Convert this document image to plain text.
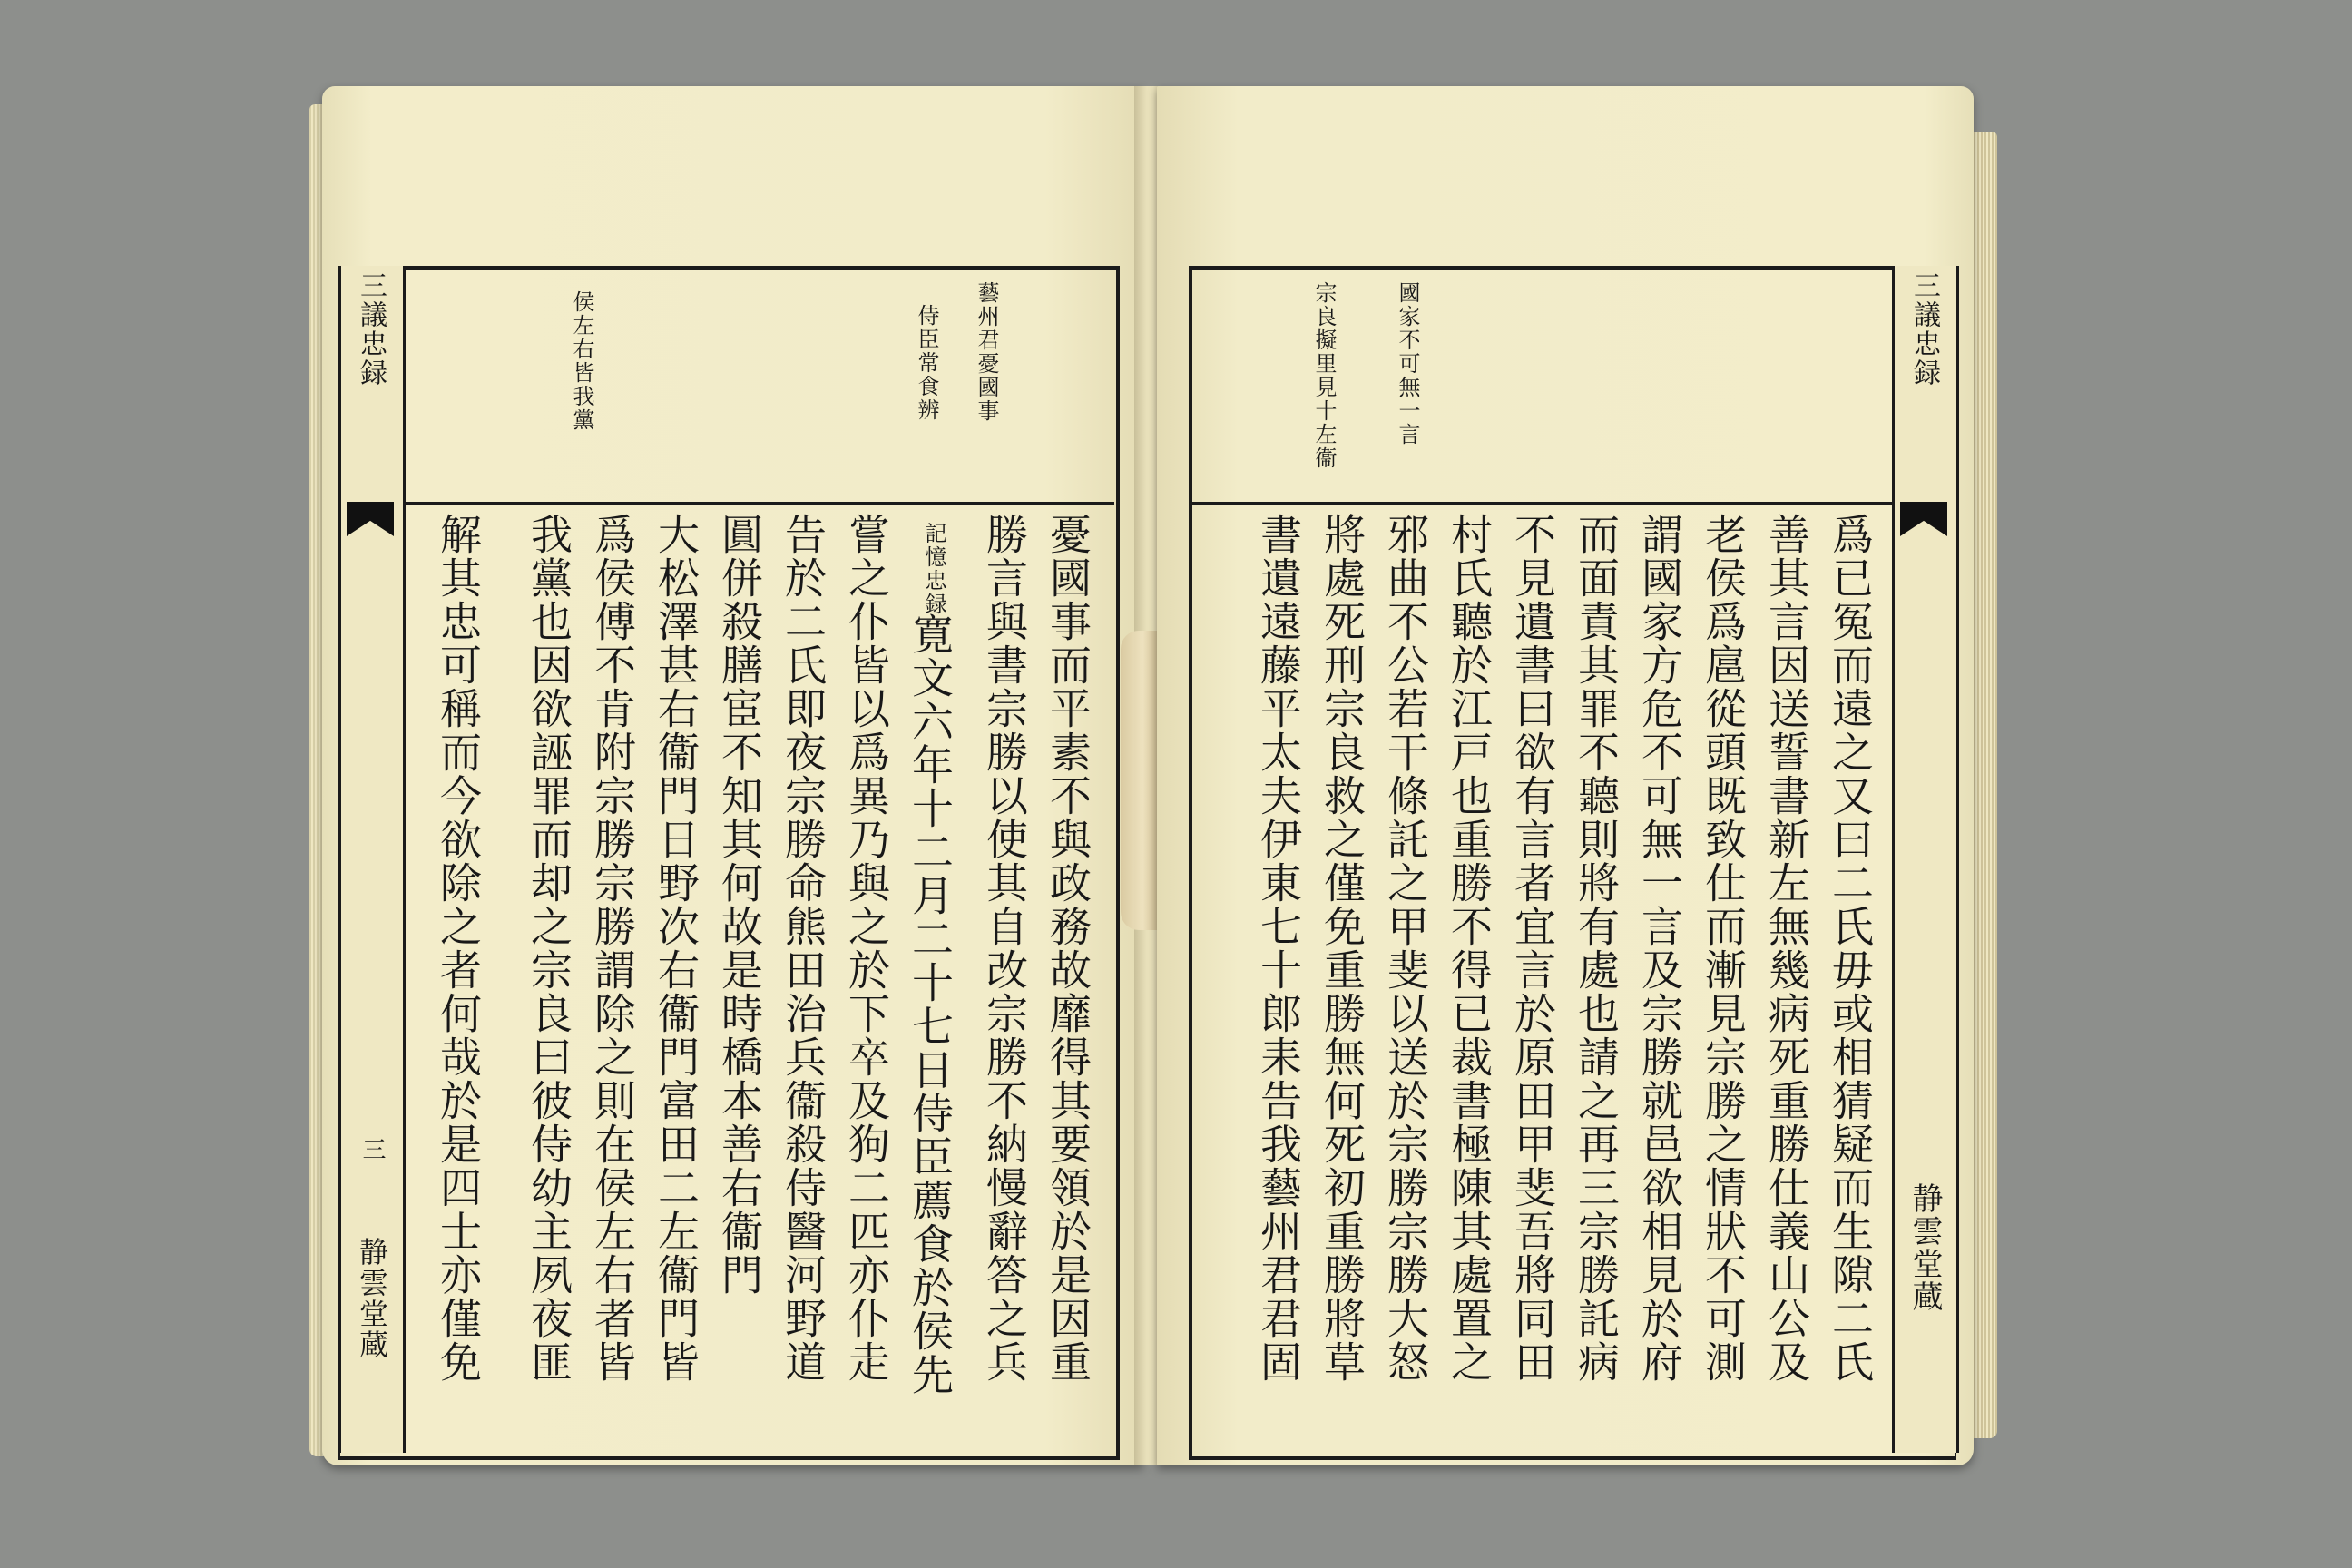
三議忠録
三
静雲堂蔵
藝州君憂國事
侍臣常食辨
侯左右皆我黨
憂國事而平素不與政務故靡得其要領於是因重
勝言與書宗勝以使其自改宗勝不納慢辭答之兵
記憶忠録
寛文六年十二月二十七日侍臣薦食於侯先
嘗之仆皆以爲異乃與之於下卒及狗二匹亦仆走
告於二氏即夜宗勝命熊田治兵衞殺侍醫河野道
圓併殺膳宦不知其何故是時橋本善右衞門
大松澤甚右衞門日野次右衞門富田二左衞門皆
爲侯傅不肯附宗勝宗勝謂除之則在侯左右者皆
我黨也因欲誣罪而却之宗良曰彼侍幼主夙夜匪
解其忠可稱而今欲除之者何哉於是四士亦僅免
三議忠録
静雲堂蔵
國家不可無一言
宗良擬里見十左衞
爲已冤而遠之又曰二氏毋或相猜疑而生隙二氏
善其言因送誓書新左無幾病死重勝仕義山公及
老侯爲扈從頭既致仕而漸見宗勝之情狀不可測
謂國家方危不可無一言及宗勝就邑欲相見於府
而面責其罪不聽則將有處也請之再三宗勝託病
不見遺書曰欲有言者宜言於原田甲斐吾將同田
村氏聽於江戸也重勝不得已裁書極陳其處置之
邪曲不公若干條託之甲斐以送於宗勝宗勝大怒
將處死刑宗良救之僅免重勝無何死初重勝將草
書遺遠藤平太夫伊東七十郎耒告我藝州君君固
